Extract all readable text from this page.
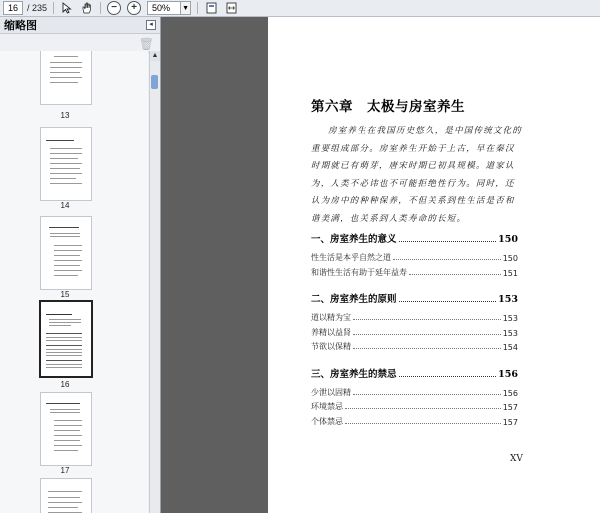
16	/ 235	−	+	50%	▼
缩略图	◂
🗑
13
14
15
16
17
▲
第六章　太极与房室养生
房室养生在我国历史悠久，是中国传统文化的重要组成部分。房室养生开始于上古，早在秦汉时期就已有萌芽，唐宋时期已初具规模。道家认为，人类不必讳也不可能拒绝性行为。同时，还认为房中的种种保养，不但关系到性生活是否和谐美满，也关系到人类寿命的长短。
一、房室养生的意义	150
性生活是本乎自然之道	150
和谐性生活有助于延年益寿	151
二、房室养生的原则	153
道以精为宝	153
养精以益肾	153
节欲以保精	154
三、房室养生的禁忌	156
少泄以固精	156
环境禁忌	157
个体禁忌	157
XV
